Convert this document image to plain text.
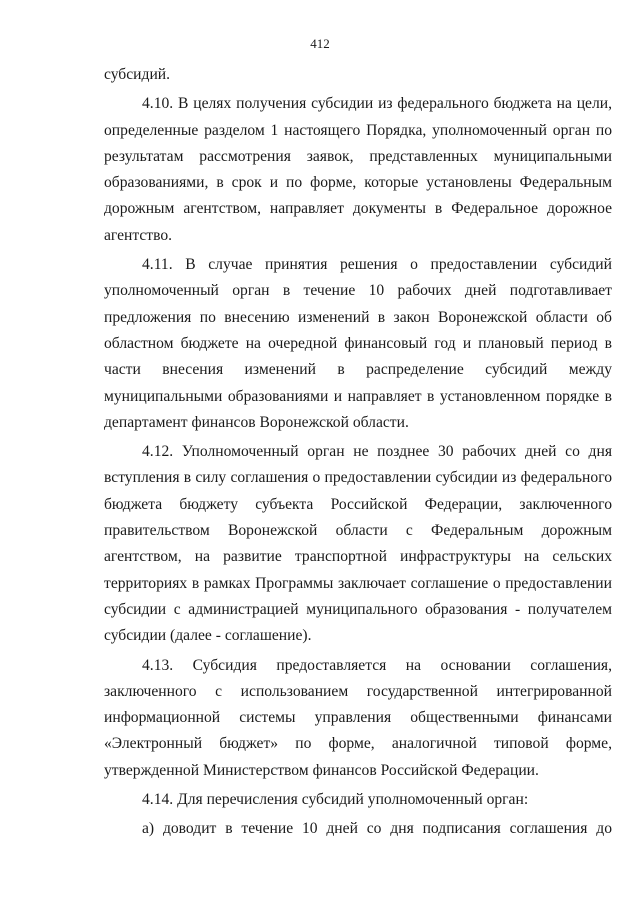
412

субсидий.

4.10. В целях получения субсидии из федерального бюджета на цели, определенные разделом 1 настоящего Порядка, уполномоченный орган по результатам рассмотрения заявок, представленных муниципальными образованиями, в срок и по форме, которые установлены Федеральным дорожным агентством, направляет документы в Федеральное дорожное агентство.

4.11. В случае принятия решения о предоставлении субсидий уполномоченный орган в течение 10 рабочих дней подготавливает предложения по внесению изменений в закон Воронежской области об областном бюджете на очередной финансовый год и плановый период в части внесения изменений в распределение субсидий между муниципальными образованиями и направляет в установленном порядке в департамент финансов Воронежской области.

4.12. Уполномоченный орган не позднее 30 рабочих дней со дня вступления в силу соглашения о предоставлении субсидии из федерального бюджета бюджету субъекта Российской Федерации, заключенного правительством Воронежской области с Федеральным дорожным агентством, на развитие транспортной инфраструктуры на сельских территориях в рамках Программы заключает соглашение о предоставлении субсидии с администрацией муниципального образования - получателем субсидии (далее - соглашение).

4.13. Субсидия предоставляется на основании соглашения, заключенного с использованием государственной интегрированной информационной системы управления общественными финансами «Электронный бюджет» по форме, аналогичной типовой форме, утвержденной Министерством финансов Российской Федерации.

4.14. Для перечисления субсидий уполномоченный орган:

а) доводит в течение 10 дней со дня подписания соглашения до
